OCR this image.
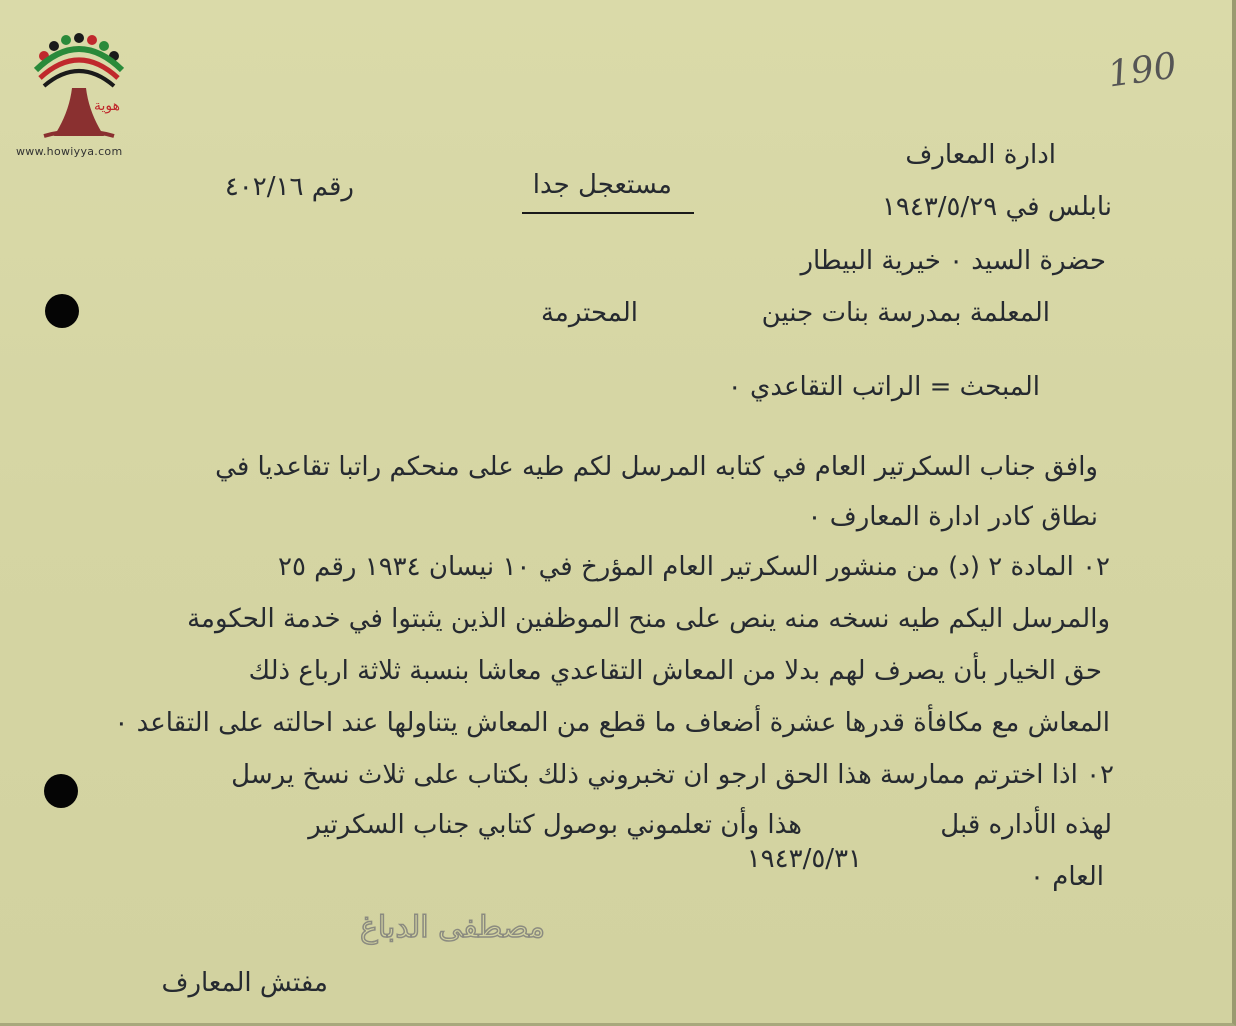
هوية
www.howiyya.com
190
ادارة المعارف
نابلس في ١٩٤٣/٥/٢٩
مستعجل جدا
رقم ٤٠٢/١٦
حضرة السيد ٠ خيرية البيطار
المعلمة بمدرسة بنات جنين
المحترمة
المبحث = الراتب التقاعدي ٠
وافق جناب السكرتير العام في كتابه المرسل لكم طيه على منحكم راتبا تقاعديا في
نطاق كادر ادارة المعارف ٠
٠٢ المادة ٢ (د) من منشور السكرتير العام المؤرخ في ١٠ نيسان ١٩٣٤ رقم ٢٥
والمرسل اليكم طيه نسخه منه ينص على منح الموظفين الذين يثبتوا في خدمة الحكومة
حق الخيار بأن يصرف لهم بدلا من المعاش التقاعدي معاشا بنسبة ثلاثة ارباع ذلك
المعاش مع مكافأة قدرها عشرة أضعاف ما قطع من المعاش يتناولها عند احالته على التقاعد ٠
٠٢ اذا اخترتم ممارسة هذا الحق ارجو ان تخبروني ذلك بكتاب على ثلاث نسخ يرسل
لهذه الأداره قبل
هذا وأن تعلموني بوصول كتابي جناب السكرتير
العام ٠
١٩٤٣/٥/٣١
مصطفى الدباغ
مفتش المعارف
